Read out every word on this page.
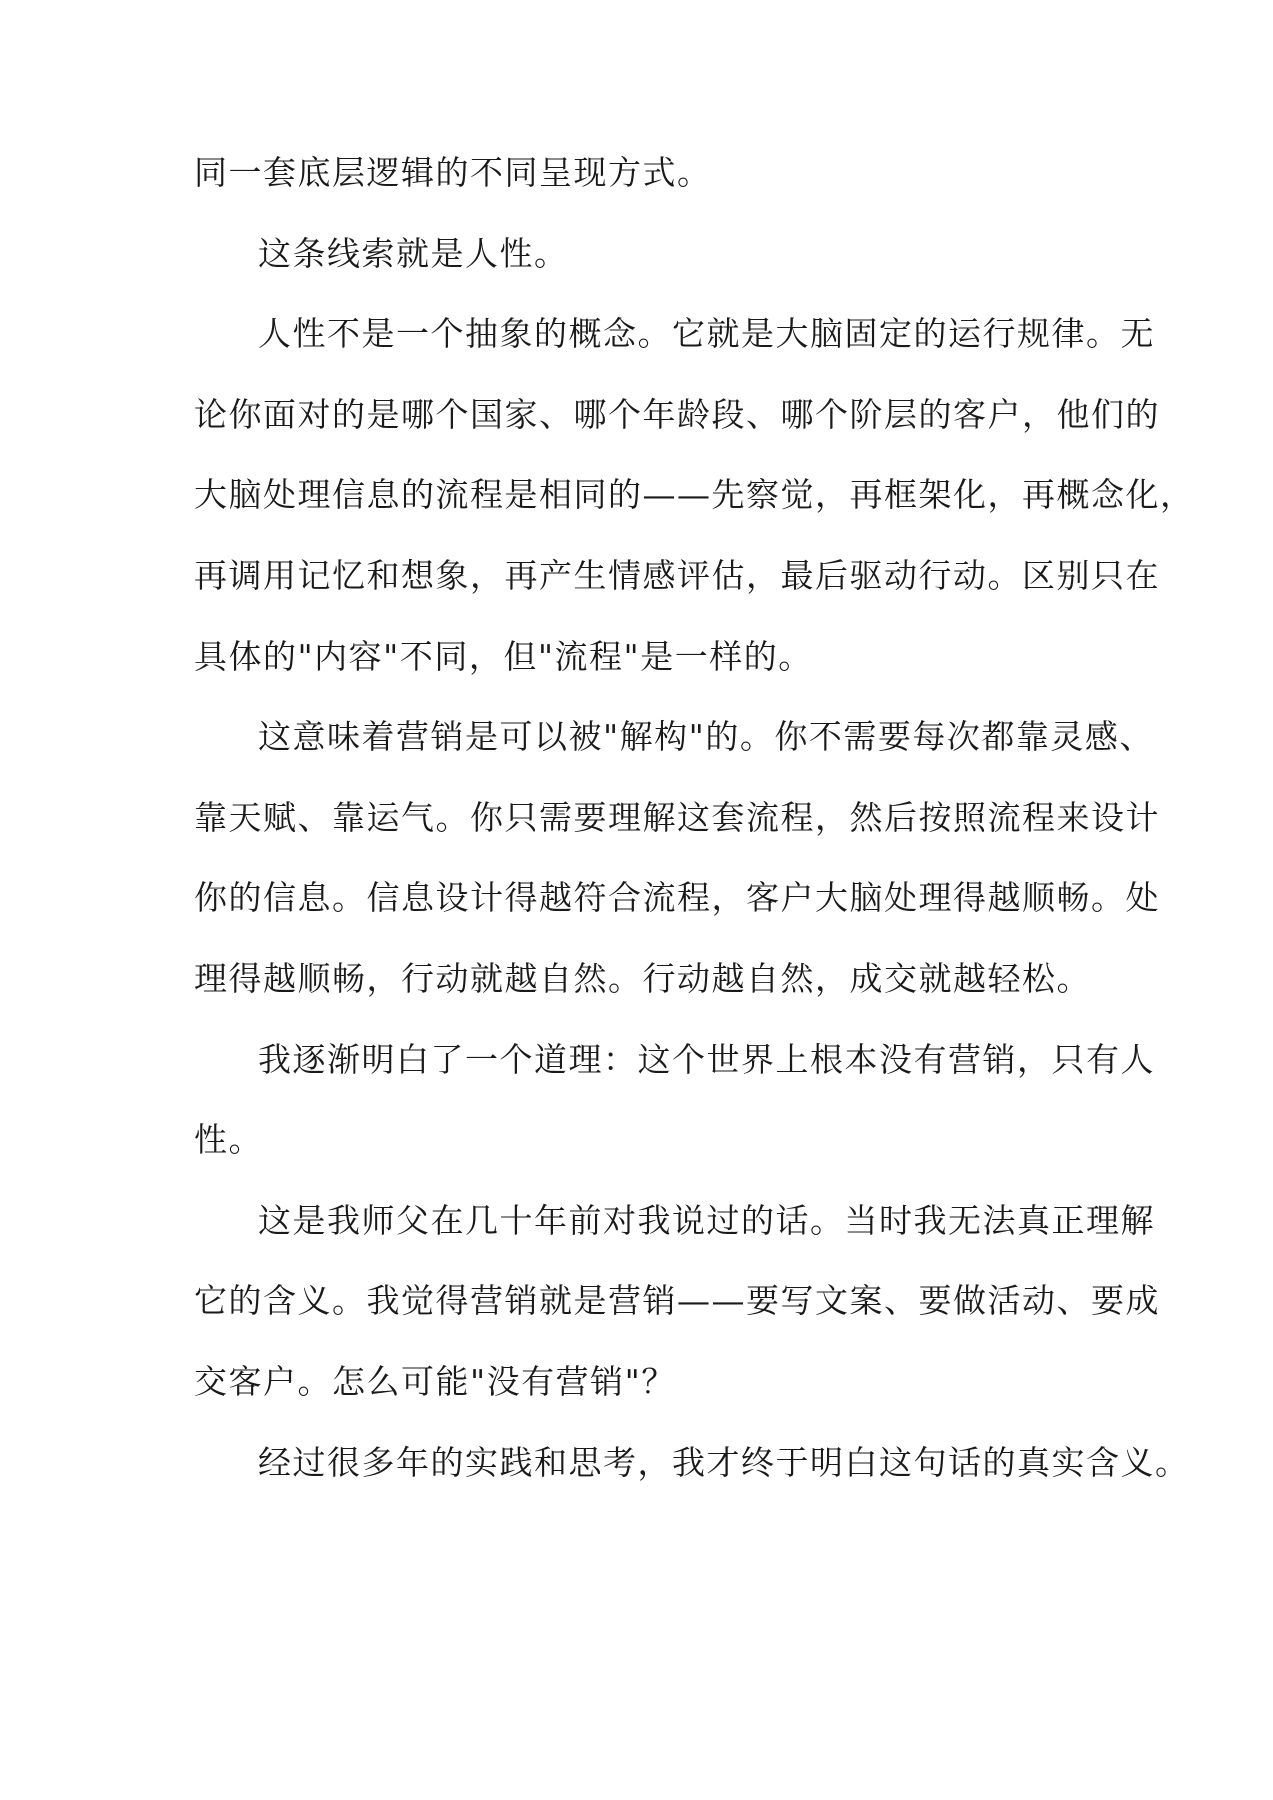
同一套底层逻辑的不同呈现方式。
这条线索就是人性。
人性不是一个抽象的概念。它就是大脑固定的运行规律。无
论你面对的是哪个国家、哪个年龄段、哪个阶层的客户，他们的
大脑处理信息的流程是相同的——先察觉，再框架化，再概念化，
再调用记忆和想象，再产生情感评估，最后驱动行动。区别只在
具体的"内容"不同，但"流程"是一样的。
这意味着营销是可以被"解构"的。你不需要每次都靠灵感、
靠天赋、靠运气。你只需要理解这套流程，然后按照流程来设计
你的信息。信息设计得越符合流程，客户大脑处理得越顺畅。处
理得越顺畅，行动就越自然。行动越自然，成交就越轻松。
我逐渐明白了一个道理：这个世界上根本没有营销，只有人
性。
这是我师父在几十年前对我说过的话。当时我无法真正理解
它的含义。我觉得营销就是营销——要写文案、要做活动、要成
交客户。怎么可能"没有营销"？
经过很多年的实践和思考，我才终于明白这句话的真实含义。
